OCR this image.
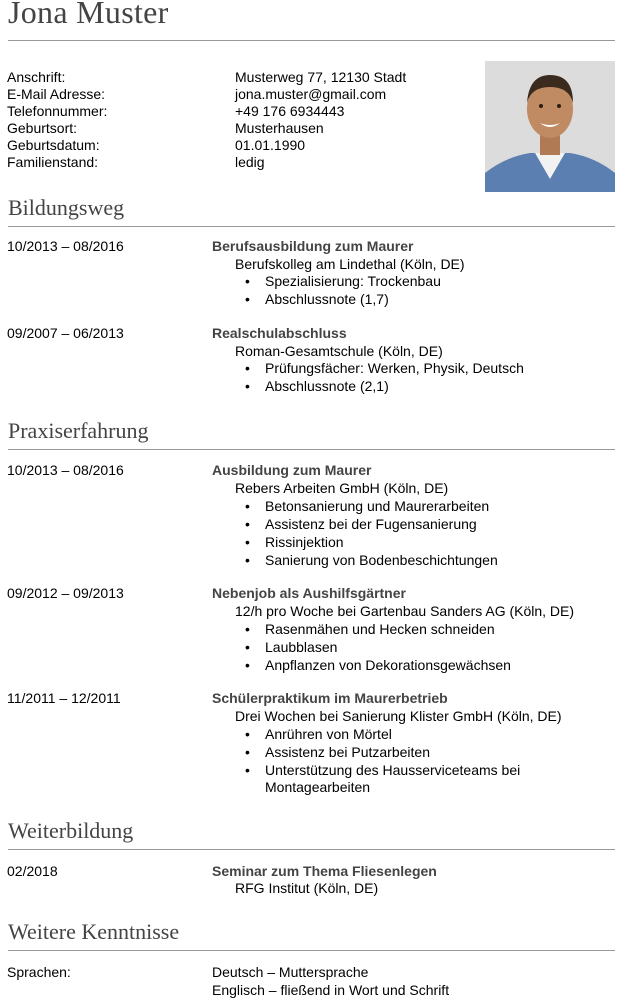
Jona Muster
Anschrift:	Musterweg 77, 12130 Stadt
E-Mail Adresse:	jona.muster@gmail.com
Telefonnummer:	+49 176 6934443
Geburtsort:	Musterhausen
Geburtsdatum:	01.01.1990
Familienstand:	ledig
Bildungsweg
10/2013 – 08/2016	Berufsausbildung zum Maurer
Berufskolleg am Lindethal (Köln, DE)
• Spezialisierung: Trockenbau
• Abschlussnote (1,7)
09/2007 – 06/2013	Realschulabschluss
Roman-Gesamtschule (Köln, DE)
• Prüfungsfächer: Werken, Physik, Deutsch
• Abschlussnote (2,1)
Praxiserfahrung
10/2013 – 08/2016	Ausbildung zum Maurer
Rebers Arbeiten GmbH (Köln, DE)
• Betonsanierung und Maurerarbeiten
• Assistenz bei der Fugensanierung
• Rissinjektion
• Sanierung von Bodenbeschichtungen
09/2012 – 09/2013	Nebenjob als Aushilfsgärtner
12/h pro Woche bei Gartenbau Sanders AG (Köln, DE)
• Rasenmähen und Hecken schneiden
• Laubblasen
• Anpflanzen von Dekorationsgewächsen
11/2011 – 12/2011	Schülerpraktikum im Maurerbetrieb
Drei Wochen bei Sanierung Klister GmbH (Köln, DE)
• Anrühren von Mörtel
• Assistenz bei Putzarbeiten
• Unterstützung des Hausserviceteams bei
Montagearbeiten
Weiterbildung
02/2018	Seminar zum Thema Fliesenlegen
RFG Institut (Köln, DE)
Weitere Kenntnisse
Sprachen:	Deutsch – Muttersprache
Englisch – fließend in Wort und Schrift
